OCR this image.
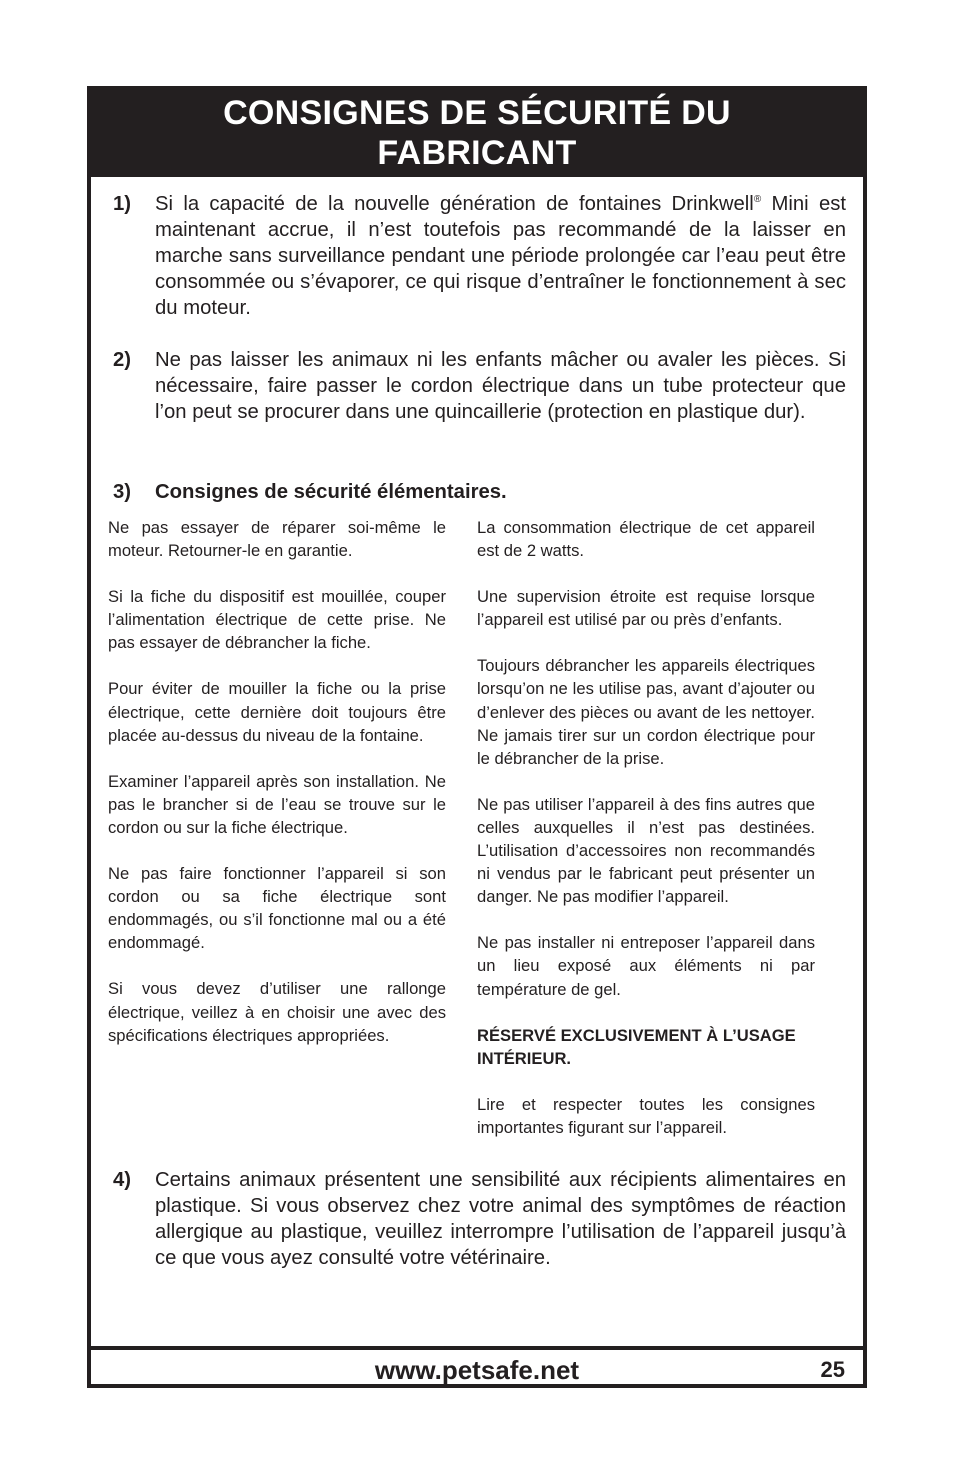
CONSIGNES DE SÉCURITÉ DU
FABRICANT
1) Si la capacité de la nouvelle génération de fontaines Drinkwell® Mini est maintenant accrue, il n’est toutefois pas recommandé de la laisser en marche sans surveillance pendant une période prolongée car l’eau peut être consommée ou s’évaporer, ce qui risque d’entraîner le fonctionnement à sec du moteur.
2) Ne pas laisser les animaux ni les enfants mâcher ou avaler les pièces. Si nécessaire, faire passer le cordon électrique dans un tube protecteur que l’on peut se procurer dans une quincaillerie (protection en plastique dur).
3) Consignes de sécurité élémentaires.

Ne pas essayer de réparer soi-même le moteur. Retourner-le en garantie.

Si la fiche du dispositif est mouillée, couper l’alimentation électrique de cette prise. Ne pas essayer de débrancher la fiche.

Pour éviter de mouiller la fiche ou la prise électrique, cette dernière doit toujours être placée au-dessus du niveau de la fontaine.

Examiner l’appareil après son installation. Ne pas le brancher si de l’eau se trouve sur le cordon ou sur la fiche électrique.

Ne pas faire fonctionner l’appareil si son cordon ou sa fiche électrique sont endommagés, ou s’il fonctionne mal ou a été endommagé.

Si vous devez d’utiliser une rallonge électrique, veillez à en choisir une avec des spécifications électriques appropriées.

La consommation électrique de cet appareil est de 2 watts.

Une supervision étroite est requise lorsque l’appareil est utilisé par ou près d’enfants.

Toujours débrancher les appareils électriques lorsqu’on ne les utilise pas, avant d’ajouter ou d’enlever des pièces ou avant de les nettoyer. Ne jamais tirer sur un cordon électrique pour le débrancher de la prise.

Ne pas utiliser l’appareil à des fins autres que celles auxquelles il n’est pas destinées. L’utilisation d’accessoires non recommandés ni vendus par le fabricant peut présenter un danger. Ne pas modifier l’appareil.

Ne pas installer ni entreposer l’appareil dans un lieu exposé aux éléments ni par température de gel.

RÉSERVÉ EXCLUSIVEMENT À L’USAGE INTÉRIEUR.

Lire et respecter toutes les consignes importantes figurant sur l’appareil.

4) Certains animaux présentent une sensibilité aux récipients alimentaires en plastique. Si vous observez chez votre animal des symptômes de réaction allergique au plastique, veuillez interrompre l’utilisation de l’appareil jusqu’à ce que vous ayez consulté votre vétérinaire.
www.petsafe.net	25
